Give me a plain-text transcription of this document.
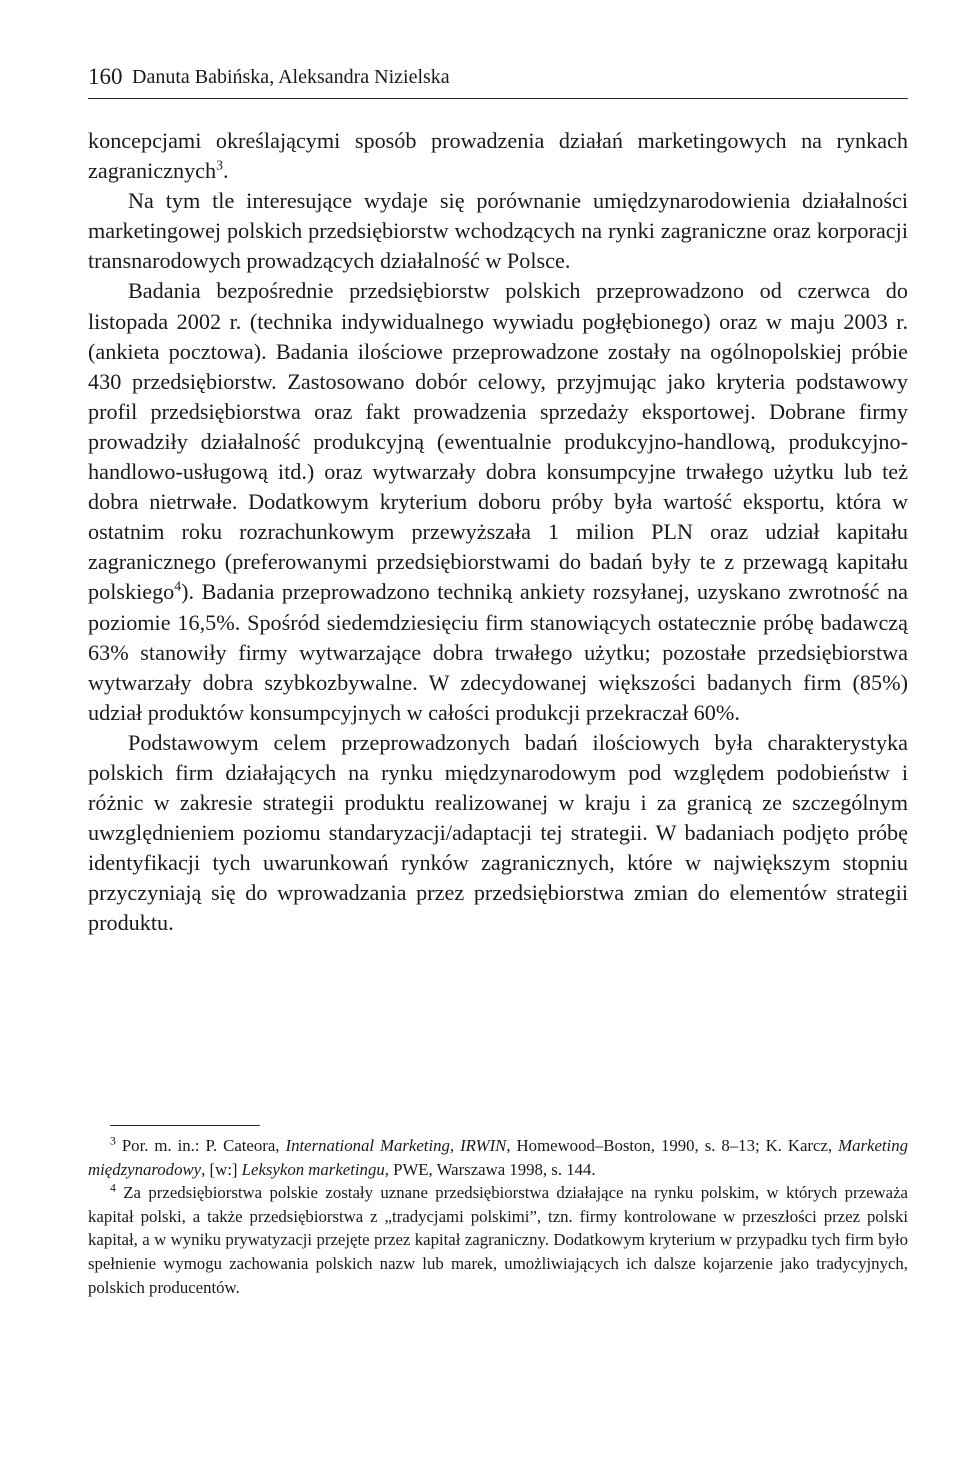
160 Danuta Babińska, Aleksandra Nizielska

koncepcjami określającymi sposób prowadzenia działań marketingowych na rynkach zagranicznych$^3$.

Na tym tle interesujące wydaje się porównanie umiędzynarodowienia działalności marketingowej polskich przedsiębiorstw wchodzących na rynki zagraniczne oraz korporacji transnarodowych prowadzących działalność w Polsce.

Badania bezpośrednie przedsiębiorstw polskich przeprowadzono od czerwca do listopada 2002 r. (technika indywidualnego wywiadu pogłębionego) oraz w maju 2003 r. (ankieta pocztowa). Badania ilościowe przeprowadzone zostały na ogólnopolskiej próbie 430 przedsiębiorstw. Zastosowano dobór celowy, przyjmując jako kryteria podstawowy profil przedsiębiorstwa oraz fakt prowadzenia sprzedaży eksportowej. Dobrane firmy prowadziły działalność produkcyjną (ewentualnie produkcyjno-handlową, produkcyjno-handlowo-usługową itd.) oraz wytwarzały dobra konsumpcyjne trwałego użytku lub też dobra nietrwałe. Dodatkowym kryterium doboru próby była wartość eksportu, która w ostatnim roku rozrachunkowym przewyższała 1 milion PLN oraz udział kapitału zagranicznego (preferowanymi przedsiębiorstwami do badań były te z przewagą kapitału polskiego$^4$). Badania przeprowadzono techniką ankiety rozsyłanej, uzyskano zwrotność na poziomie 16,5%. Spośród siedemdziesięciu firm stanowiących ostatecznie próbę badawczą 63% stanowiły firmy wytwarzające dobra trwałego użytku; pozostałe przedsiębiorstwa wytwarzały dobra szybkozbywalne. W zdecydowanej większości badanych firm (85%) udział produktów konsumpcyjnych w całości produkcji przekraczał 60%.

Podstawowym celem przeprowadzonych badań ilościowych była charakterystyka polskich firm działających na rynku międzynarodowym pod względem podobieństw i różnic w zakresie strategii produktu realizowanej w kraju i za granicą ze szczególnym uwzględnieniem poziomu standaryzacji/adaptacji tej strategii. W badaniach podjęto próbę identyfikacji tych uwarunkowań rynków zagranicznych, które w największym stopniu przyczyniają się do wprowadzania przez przedsiębiorstwa zmian do elementów strategii produktu.

$^3$ Por. m. in.: P. Cateora, International Marketing, IRWIN, Homewood–Boston, 1990, s. 8–13; K. Karcz, Marketing międzynarodowy, [w:] Leksykon marketingu, PWE, Warszawa 1998, s. 144.

$^4$ Za przedsiębiorstwa polskie zostały uznane przedsiębiorstwa działające na rynku polskim, w których przeważa kapitał polski, a także przedsiębiorstwa z „tradycjami polskimi”, tzn. firmy kontrolowane w przeszłości przez polski kapitał, a w wyniku prywatyzacji przejęte przez kapitał zagraniczny. Dodatkowym kryterium w przypadku tych firm było spełnienie wymogu zachowania polskich nazw lub marek, umożliwiających ich dalsze kojarzenie jako tradycyjnych, polskich producentów.
